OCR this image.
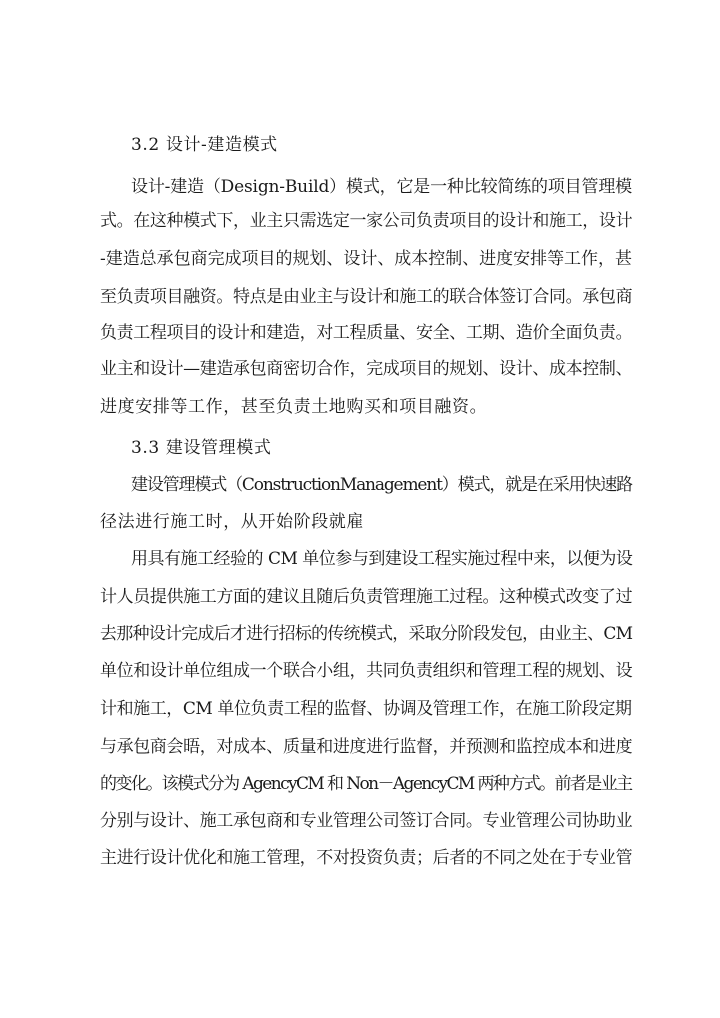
3.2 设计-建造模式
设计-建造（Design-Build）模式，它是一种比较简练的项目管理模
式。在这种模式下，业主只需选定一家公司负责项目的设计和施工，设计
-建造总承包商完成项目的规划、设计、成本控制、进度安排等工作，甚
至负责项目融资。特点是由业主与设计和施工的联合体签订合同。承包商
负责工程项目的设计和建造，对工程质量、安全、工期、造价全面负责。
业主和设计—建造承包商密切合作，完成项目的规划、设计、成本控制、
进度安排等工作，甚至负责土地购买和项目融资。
3.3 建设管理模式
建设管理模式（ConstructionManagement）模式，就是在采用快速路
径法进行施工时，从开始阶段就雇
用具有施工经验的 CM 单位参与到建设工程实施过程中来，以便为设
计人员提供施工方面的建议且随后负责管理施工过程。这种模式改变了过
去那种设计完成后才进行招标的传统模式，采取分阶段发包，由业主、CM
单位和设计单位组成一个联合小组，共同负责组织和管理工程的规划、设
计和施工，CM 单位负责工程的监督、协调及管理工作，在施工阶段定期
与承包商会晤，对成本、质量和进度进行监督，并预测和监控成本和进度
的变化。该模式分为 AgencyCM 和 Non－AgencyCM 两种方式。前者是业主
分别与设计、施工承包商和专业管理公司签订合同。专业管理公司协助业
主进行设计优化和施工管理，不对投资负责；后者的不同之处在于专业管
